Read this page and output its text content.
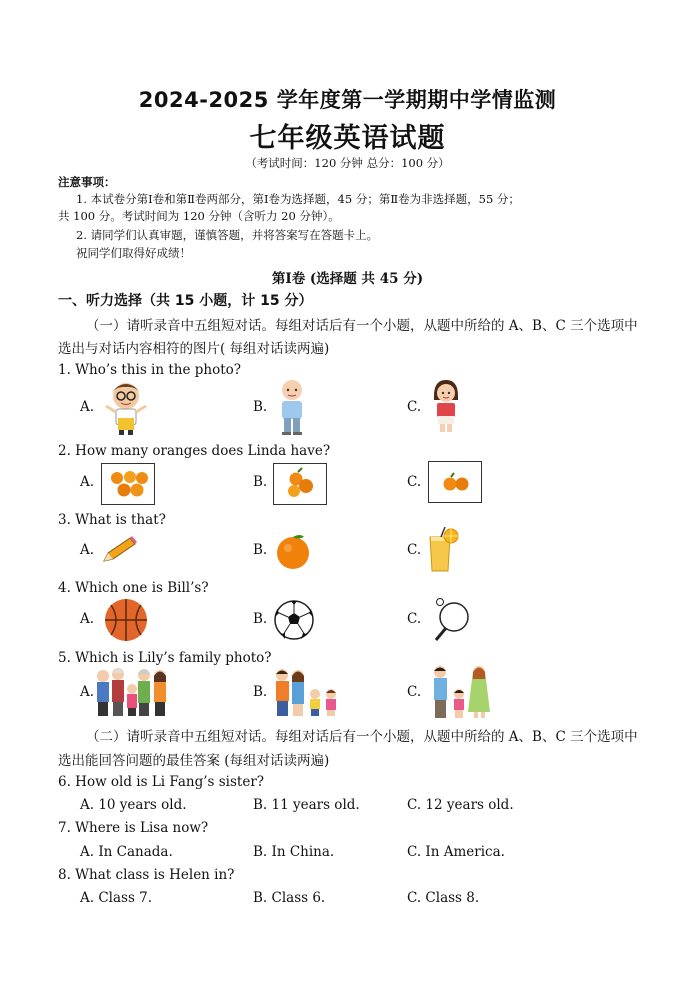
2024-2025 学年度第一学期期中学情监测
七年级英语试题
（考试时间：120 分钟 总分：100 分）
注意事项：
1. 本试卷分第Ⅰ卷和第Ⅱ卷两部分，第Ⅰ卷为选择题，45 分；第Ⅱ卷为非选择题，55 分；
共 100 分。考试时间为 120 分钟（含听力 20 分钟）。
2. 请同学们认真审题，谨慎答题，并将答案写在答题卡上。
祝同学们取得好成绩！
第Ⅰ卷 (选择题 共 45 分)
一、听力选择（共 15 小题，计 15 分）
（一）请听录音中五组短对话。每组对话后有一个小题，从题中所给的 A、B、C 三个选项中
选出与对话内容相符的图片( 每组对话读两遍)
1. Who’s this in the photo?
A.	B.	C.
2. How many oranges does Linda have?
A.	B.	C.
3. What is that?
A.	B.	C.
4. Which one is Bill’s?
A.	B.	C.
5. Which is Lily’s family photo?
A.	B.	C.
（二）请听录音中五组短对话。每组对话后有一个小题，从题中所给的 A、B、C 三个选项中
选出能回答问题的最佳答案 (每组对话读两遍)
6. How old is Li Fang’s sister?
A. 10 years old.	B. 11 years old.	C. 12 years old.
7. Where is Lisa now?
A. In Canada.	B. In China.	C. In America.
8. What class is Helen in?
A. Class 7.	B. Class 6.	C. Class 8.
